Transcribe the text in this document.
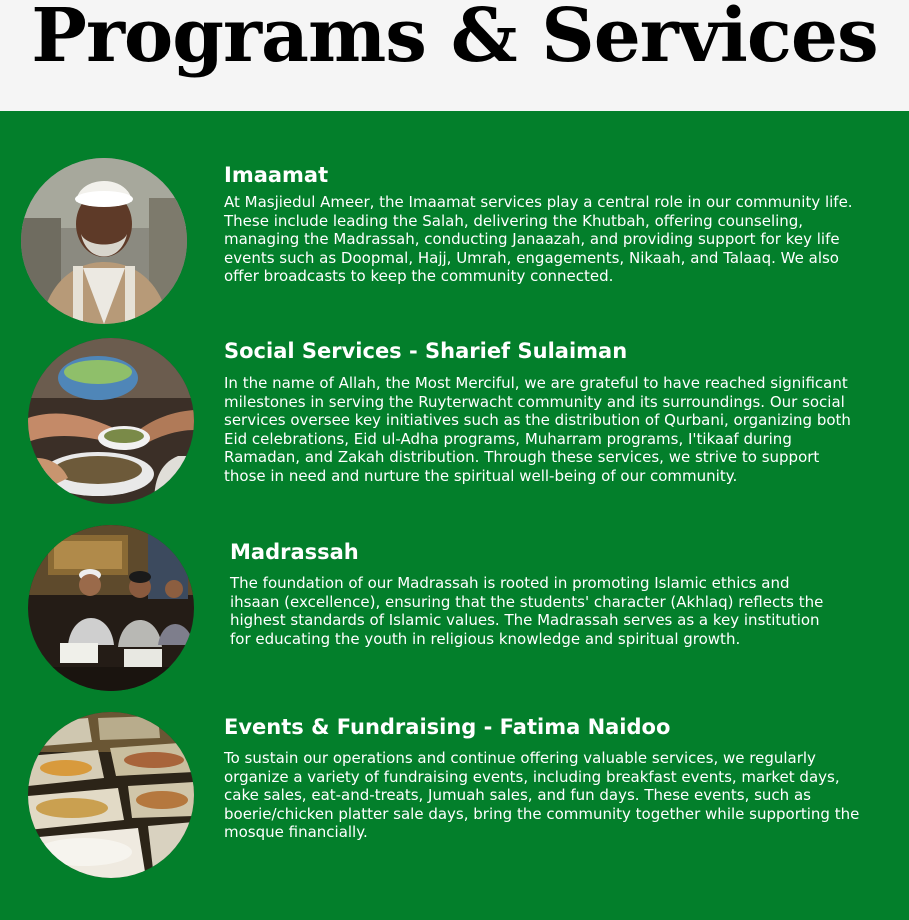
Programs & Services
Imaamat

At Masjiedul Ameer, the Imaamat services play a central role in our community life. These include leading the Salah, delivering the Khutbah, offering counseling, managing the Madrassah, conducting Janaazah, and providing support for key life events such as Doopmal, Hajj, Umrah, engagements, Nikaah, and Talaaq. We also offer broadcasts to keep the community connected.

Social Services - Sharief Sulaiman

In the name of Allah, the Most Merciful, we are grateful to have reached significant milestones in serving the Ruyterwacht community and its surroundings. Our social services oversee key initiatives such as the distribution of Qurbani, organizing both Eid celebrations, Eid ul-Adha programs, Muharram programs, I'tikaaf during Ramadan, and Zakah distribution. Through these services, we strive to support those in need and nurture the spiritual well-being of our community.

Madrassah

The foundation of our Madrassah is rooted in promoting Islamic ethics and ihsaan (excellence), ensuring that the students' character (Akhlaq) reflects the highest standards of Islamic values. The Madrassah serves as a key institution for educating the youth in religious knowledge and spiritual growth.

Events & Fundraising - Fatima Naidoo

To sustain our operations and continue offering valuable services, we regularly organize a variety of fundraising events, including breakfast events, market days, cake sales, eat-and-treats, Jumuah sales, and fun days. These events, such as boerie/chicken platter sale days, bring the community together while supporting the mosque financially.
